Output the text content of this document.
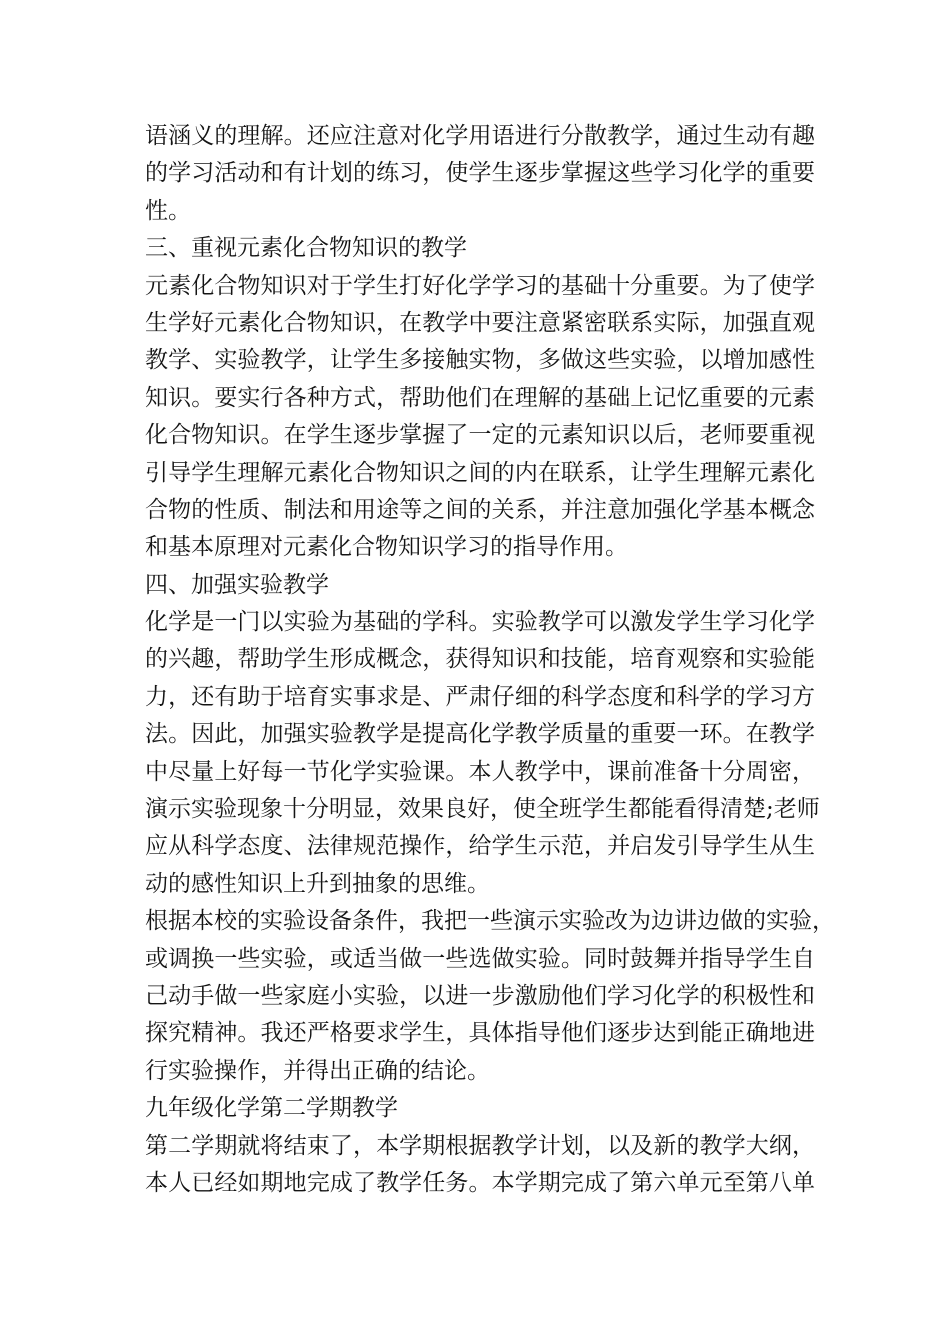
语涵义的理解。还应注意对化学用语进行分散教学，通过生动有趣
的学习活动和有计划的练习，使学生逐步掌握这些学习化学的重要
性。
三、重视元素化合物知识的教学
元素化合物知识对于学生打好化学学习的基础十分重要。为了使学
生学好元素化合物知识，在教学中要注意紧密联系实际，加强直观
教学、实验教学，让学生多接触实物，多做这些实验，以增加感性
知识。要实行各种方式，帮助他们在理解的基础上记忆重要的元素
化合物知识。在学生逐步掌握了一定的元素知识以后，老师要重视
引导学生理解元素化合物知识之间的内在联系，让学生理解元素化
合物的性质、制法和用途等之间的关系，并注意加强化学基本概念
和基本原理对元素化合物知识学习的指导作用。
四、加强实验教学
化学是一门以实验为基础的学科。实验教学可以激发学生学习化学
的兴趣，帮助学生形成概念，获得知识和技能，培育观察和实验能
力，还有助于培育实事求是、严肃仔细的科学态度和科学的学习方
法。因此，加强实验教学是提高化学教学质量的重要一环。在教学
中尽量上好每一节化学实验课。本人教学中，课前准备十分周密，
演示实验现象十分明显，效果良好，使全班学生都能看得清楚;老师
应从科学态度、法律规范操作，给学生示范，并启发引导学生从生
动的感性知识上升到抽象的思维。
根据本校的实验设备条件，我把一些演示实验改为边讲边做的实验，
或调换一些实验，或适当做一些选做实验。同时鼓舞并指导学生自
己动手做一些家庭小实验，以进一步激励他们学习化学的积极性和
探究精神。我还严格要求学生，具体指导他们逐步达到能正确地进
行实验操作，并得出正确的结论。
九年级化学第二学期教学
第二学期就将结束了，本学期根据教学计划，以及新的教学大纲，
本人已经如期地完成了教学任务。本学期完成了第六单元至第八单
